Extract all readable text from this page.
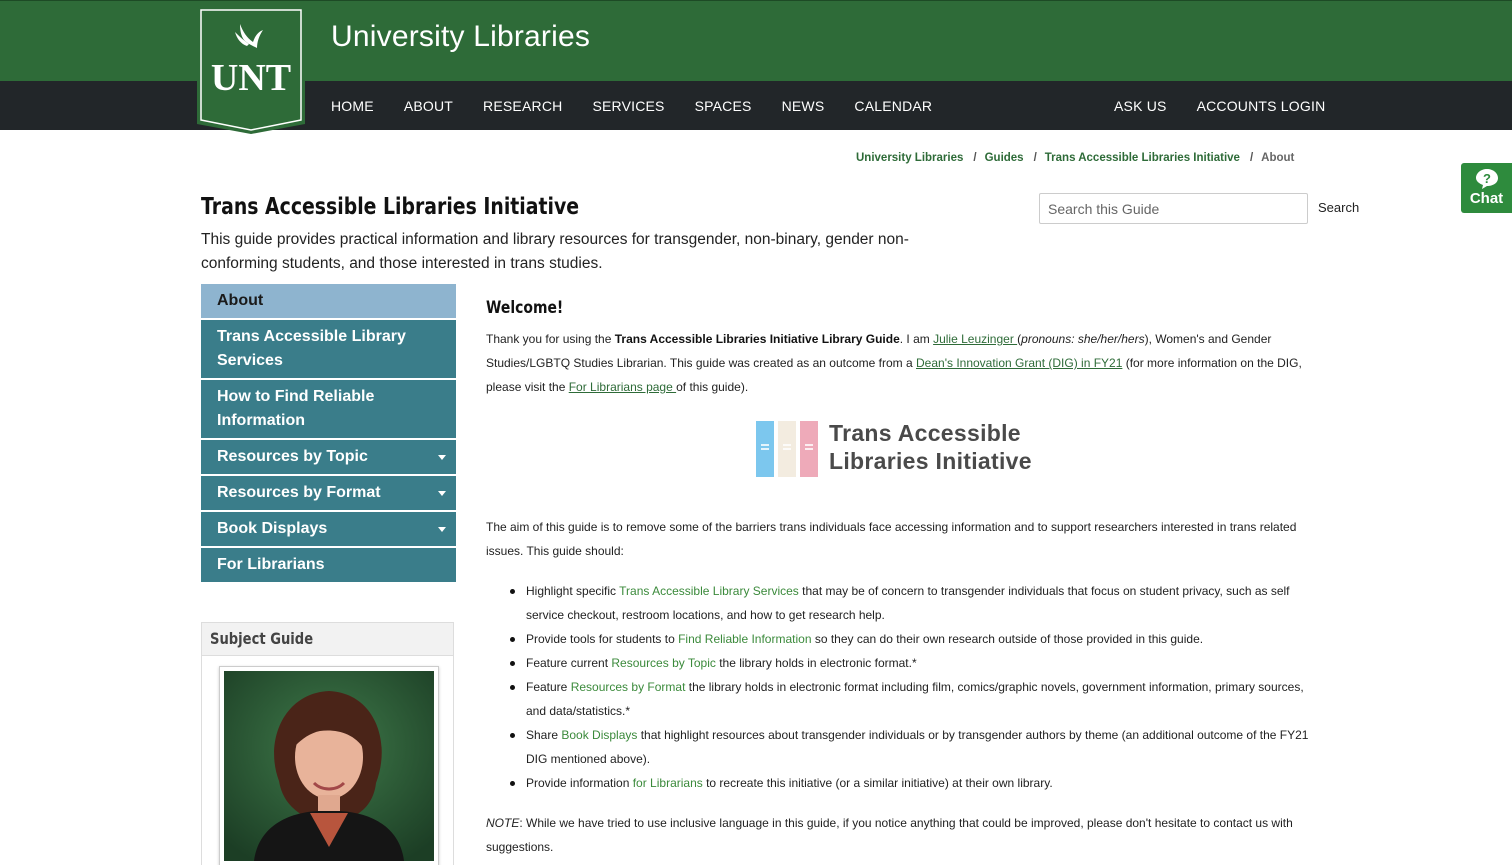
UNT
University Libraries
HOME ABOUT RESEARCH SERVICES SPACES NEWS CALENDAR	ASK US ACCOUNTS LOGIN
University Libraries / Guides / Trans Accessible Libraries Initiative / About
?
Chat
Trans Accessible Libraries Initiative
This guide provides practical information and library resources for transgender, non-binary, gender non-conforming students, and those interested in trans studies.
Search this Guide
Search
About
Trans Accessible Library Services
How to Find Reliable Information
Resources by Topic
Resources by Format
Book Displays
For Librarians
Subject Guide
Welcome!

Thank you for using the Trans Accessible Libraries Initiative Library Guide. I am Julie Leuzinger (pronouns: she/her/hers), Women's and Gender Studies/LGBTQ Studies Librarian. This guide was created as an outcome from a Dean's Innovation Grant (DIG) in FY21 (for more information on the DIG, please visit the For Librarians page of this guide).

Trans Accessible
Libraries Initiative

The aim of this guide is to remove some of the barriers trans individuals face accessing information and to support researchers interested in trans related issues. This guide should:

Highlight specific Trans Accessible Library Services that may be of concern to transgender individuals that focus on student privacy, such as self service checkout, restroom locations, and how to get research help.
Provide tools for students to Find Reliable Information so they can do their own research outside of those provided in this guide.
Feature current Resources by Topic the library holds in electronic format.*
Feature Resources by Format the library holds in electronic format including film, comics/graphic novels, government information, primary sources, and data/statistics.*
Share Book Displays that highlight resources about transgender individuals or by transgender authors by theme (an additional outcome of the FY21 DIG mentioned above).
Provide information for Librarians to recreate this initiative (or a similar initiative) at their own library.

NOTE: While we have tried to use inclusive language in this guide, if you notice anything that could be improved, please don't hesitate to contact us with suggestions.
